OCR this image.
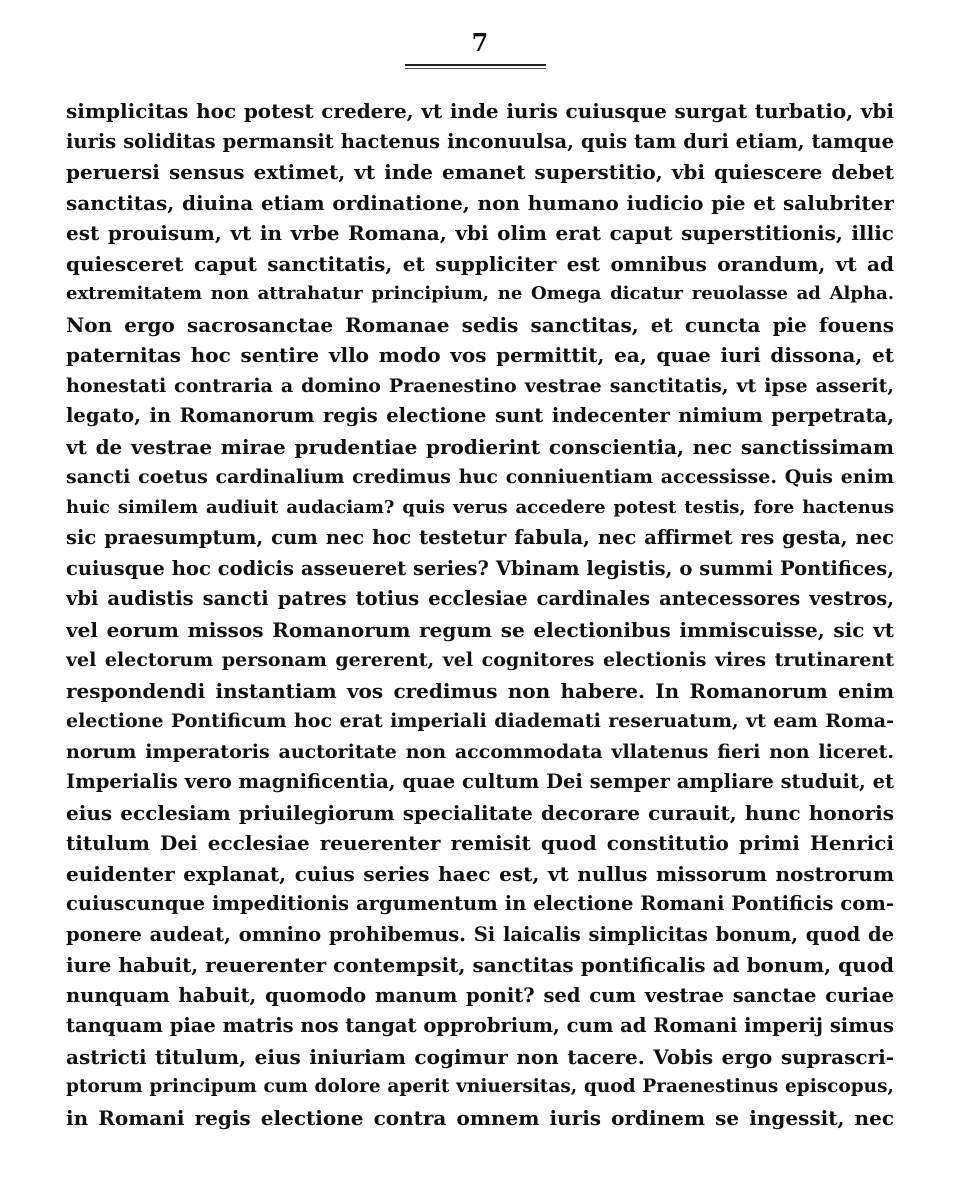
7
simplicitas hoc potest credere, vt inde iuris cuiusque surgat turbatio, vbi
iuris soliditas permansit hactenus inconuulsa, quis tam duri etiam, tamque
peruersi sensus extimet, vt inde emanet superstitio, vbi quiescere debet
sanctitas, diuina etiam ordinatione, non humano iudicio pie et salubriter
est prouisum, vt in vrbe Romana, vbi olim erat caput superstitionis, illic
quiesceret caput sanctitatis, et suppliciter est omnibus orandum, vt ad
extremitatem non attrahatur principium, ne Omega dicatur reuolasse ad Alpha.
Non ergo sacrosanctae Romanae sedis sanctitas, et cuncta pie fouens
paternitas hoc sentire vllo modo vos permittit, ea, quae iuri dissona, et
honestati contraria a domino Praenestino vestrae sanctitatis, vt ipse asserit,
legato, in Romanorum regis electione sunt indecenter nimium perpetrata,
vt de vestrae mirae prudentiae prodierint conscientia, nec sanctissimam
sancti coetus cardinalium credimus huc conniuentiam accessisse. Quis enim
huic similem audiuit audaciam? quis verus accedere potest testis, fore hactenus
sic praesumptum, cum nec hoc testetur fabula, nec affirmet res gesta, nec
cuiusque hoc codicis asseueret series? Vbinam legistis, o summi Pontifices,
vbi audistis sancti patres totius ecclesiae cardinales antecessores vestros,
vel eorum missos Romanorum regum se electionibus immiscuisse, sic vt
vel electorum personam gererent, vel cognitores electionis vires trutinarent
respondendi instantiam vos credimus non habere. In Romanorum enim
electione Pontificum hoc erat imperiali diademati reseruatum, vt eam Roma-
norum imperatoris auctoritate non accommodata vllatenus fieri non liceret.
Imperialis vero magnificentia, quae cultum Dei semper ampliare studuit, et
eius ecclesiam priuilegiorum specialitate decorare curauit, hunc honoris
titulum Dei ecclesiae reuerenter remisit quod constitutio primi Henrici
euidenter explanat, cuius series haec est, vt nullus missorum nostrorum
cuiuscunque impeditionis argumentum in electione Romani Pontificis com-
ponere audeat, omnino prohibemus. Si laicalis simplicitas bonum, quod de
iure habuit, reuerenter contempsit, sanctitas pontificalis ad bonum, quod
nunquam habuit, quomodo manum ponit? sed cum vestrae sanctae curiae
tanquam piae matris nos tangat opprobrium, cum ad Romani imperij simus
astricti titulum, eius iniuriam cogimur non tacere. Vobis ergo suprascri-
ptorum principum cum dolore aperit vniuersitas, quod Praenestinus episcopus,
in Romani regis electione contra omnem iuris ordinem se ingessit, nec
